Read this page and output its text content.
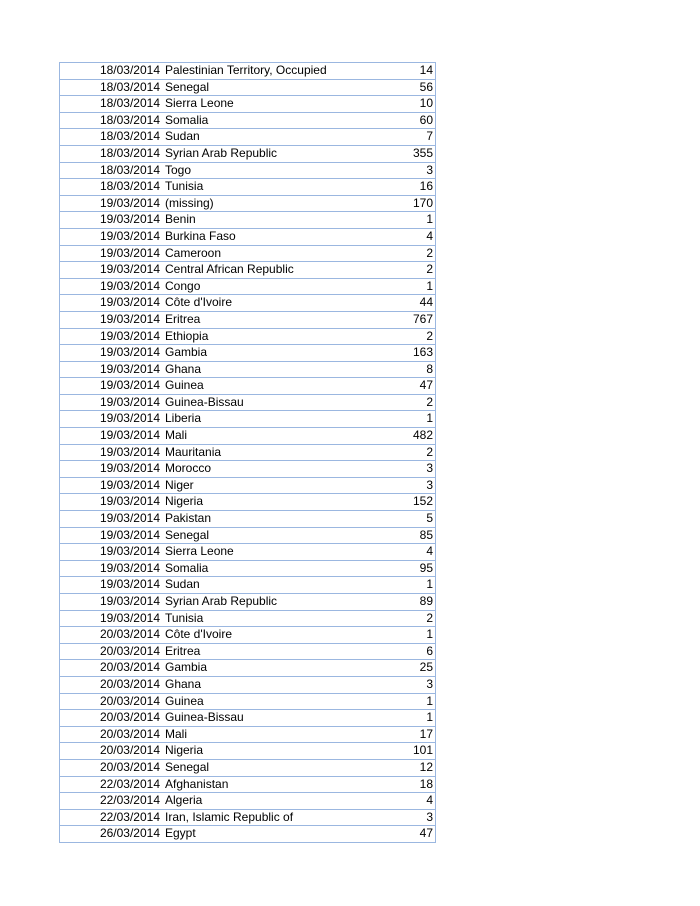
18/03/2014	Palestinian Territory, Occupied	14
18/03/2014	Senegal	56
18/03/2014	Sierra Leone	10
18/03/2014	Somalia	60
18/03/2014	Sudan	7
18/03/2014	Syrian Arab Republic	355
18/03/2014	Togo	3
18/03/2014	Tunisia	16
19/03/2014	(missing)	170
19/03/2014	Benin	1
19/03/2014	Burkina Faso	4
19/03/2014	Cameroon	2
19/03/2014	Central African Republic	2
19/03/2014	Congo	1
19/03/2014	Côte d'Ivoire	44
19/03/2014	Eritrea	767
19/03/2014	Ethiopia	2
19/03/2014	Gambia	163
19/03/2014	Ghana	8
19/03/2014	Guinea	47
19/03/2014	Guinea-Bissau	2
19/03/2014	Liberia	1
19/03/2014	Mali	482
19/03/2014	Mauritania	2
19/03/2014	Morocco	3
19/03/2014	Niger	3
19/03/2014	Nigeria	152
19/03/2014	Pakistan	5
19/03/2014	Senegal	85
19/03/2014	Sierra Leone	4
19/03/2014	Somalia	95
19/03/2014	Sudan	1
19/03/2014	Syrian Arab Republic	89
19/03/2014	Tunisia	2
20/03/2014	Côte d'Ivoire	1
20/03/2014	Eritrea	6
20/03/2014	Gambia	25
20/03/2014	Ghana	3
20/03/2014	Guinea	1
20/03/2014	Guinea-Bissau	1
20/03/2014	Mali	17
20/03/2014	Nigeria	101
20/03/2014	Senegal	12
22/03/2014	Afghanistan	18
22/03/2014	Algeria	4
22/03/2014	Iran, Islamic Republic of	3
26/03/2014	Egypt	47
